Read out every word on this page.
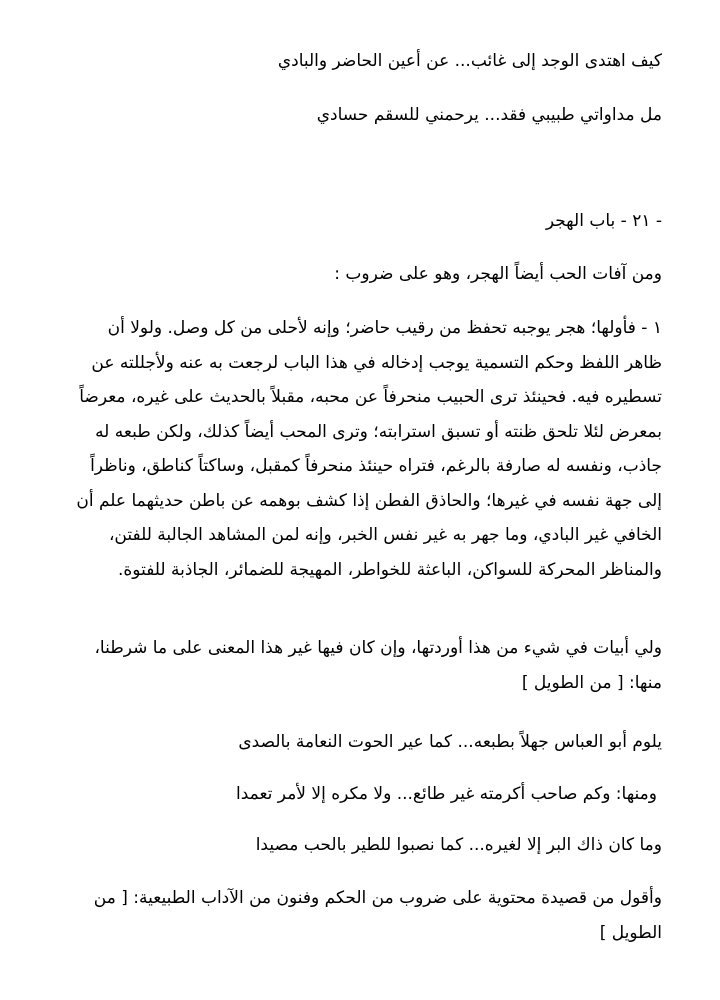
كيف اهتدى الوجد إلى غائب... عن أعين الحاضر والبادي

مل مداواتي طبيبي فقد... يرحمني للسقم حسادي

- ٢١ - باب الهجر

ومن آفات الحب أيضاً الهجر، وهو على ضروب :

١ - فأولها؛ هجر يوجبه تحفظ من رقيب حاضر؛ وإنه لأحلى من كل وصل. ولولا أن
ظاهر اللفظ وحكم التسمية يوجب إدخاله في هذا الباب لرجعت به عنه ولأجللته عن
تسطيره فيه. فحينئذ ترى الحبيب منحرفاً عن محبه، مقبلاً بالحديث على غيره، معرضاً
بمعرض لئلا تلحق ظنته أو تسبق استرابته؛ وترى المحب أيضاً كذلك، ولكن طبعه له
جاذب، ونفسه له صارفة بالرغم، فتراه حينئذ منحرفاً كمقبل، وساكتاً كناطق، وناظراً
إلى جهة نفسه في غيرها؛ والحاذق الفطن إذا كشف بوهمه عن باطن حديثهما علم أن
الخافي غير البادي، وما جهر به غير نفس الخبر، وإنه لمن المشاهد الجالبة للفتن،
والمناظر المحركة للسواكن، الباعثة للخواطر، المهيجة للضمائر، الجاذبة للفتوة.
ولي أبيات في شيء من هذا أوردتها، وإن كان فيها غير هذا المعنى على ما شرطنا،
منها: [ من الطويل ]

يلوم أبو العباس جهلاً بطبعه... كما عير الحوت النعامة بالصدى

ومنها: وكم صاحب أكرمته غير طائع... ولا مكره إلا لأمر تعمدا

وما كان ذاك البر إلا لغيره... كما نصبوا للطير بالحب مصيدا

وأقول من قصيدة محتوية على ضروب من الحكم وفنون من الآداب الطبيعية: [ من
الطويل ]
